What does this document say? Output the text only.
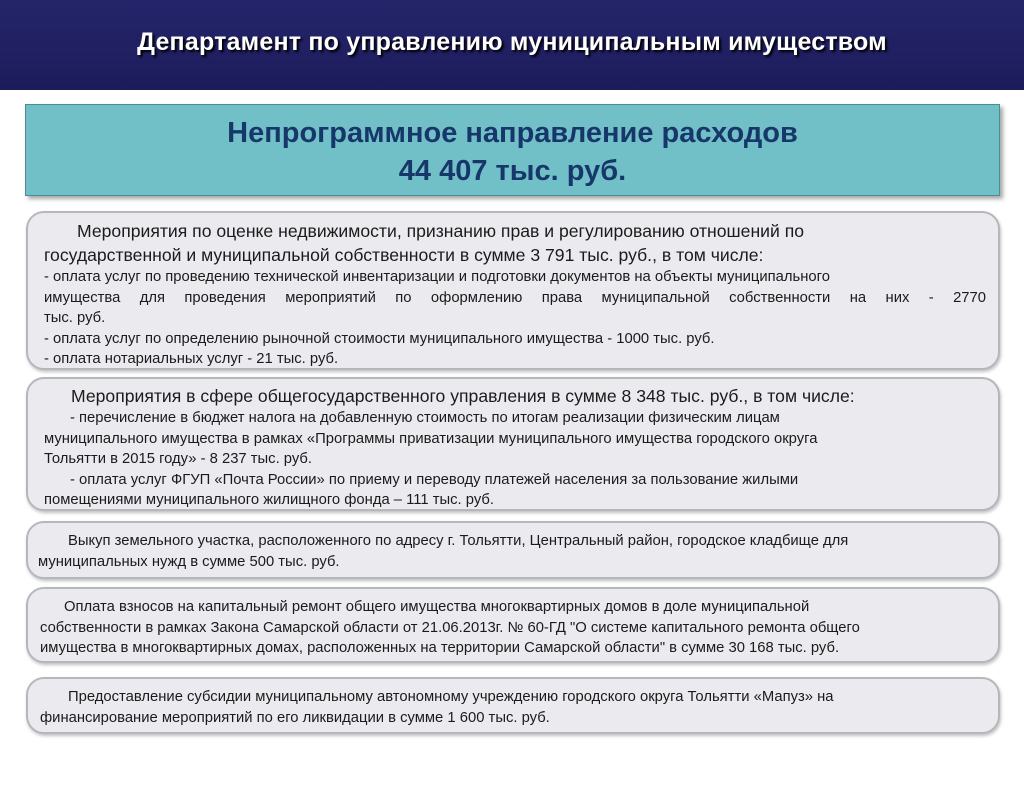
Департамент по управлению муниципальным имуществом
Непрограммное направление расходов
44 407 тыс. руб.
Мероприятия по оценке недвижимости, признанию прав и регулированию отношений по
государственной и муниципальной собственности в сумме 3 791 тыс. руб., в том числе:
- оплата услуг по проведению технической инвентаризации и подготовки документов на объекты муниципального
имущества для проведения мероприятий по оформлению права муниципальной собственности на них - 2770
тыс. руб.
- оплата услуг по определению рыночной стоимости муниципального имущества - 1000 тыс. руб.
- оплата нотариальных услуг - 21 тыс. руб.
Мероприятия в сфере общегосударственного управления в сумме 8 348 тыс. руб., в том числе:
- перечисление в бюджет налога на добавленную стоимость по итогам реализации физическим лицам
муниципального имущества в рамках «Программы приватизации муниципального имущества городского округа
Тольятти в 2015 году» - 8 237 тыс. руб.
- оплата услуг ФГУП «Почта России» по приему и переводу платежей населения за пользование жилыми
помещениями муниципального жилищного фонда – 111 тыс. руб.
Выкуп земельного участка, расположенного по адресу г. Тольятти, Центральный район, городское кладбище для
муниципальных нужд в сумме 500 тыс. руб.
Оплата взносов на капитальный ремонт общего имущества многоквартирных домов в доле муниципальной
собственности в рамках Закона Самарской области от 21.06.2013г. № 60-ГД "О системе капитального ремонта общего
имущества в многоквартирных домах, расположенных на территории Самарской области" в сумме 30 168 тыс. руб.
Предоставление субсидии муниципальному автономному учреждению городского округа Тольятти «Мапуз» на
финансирование мероприятий по его ликвидации в сумме 1 600 тыс. руб.
